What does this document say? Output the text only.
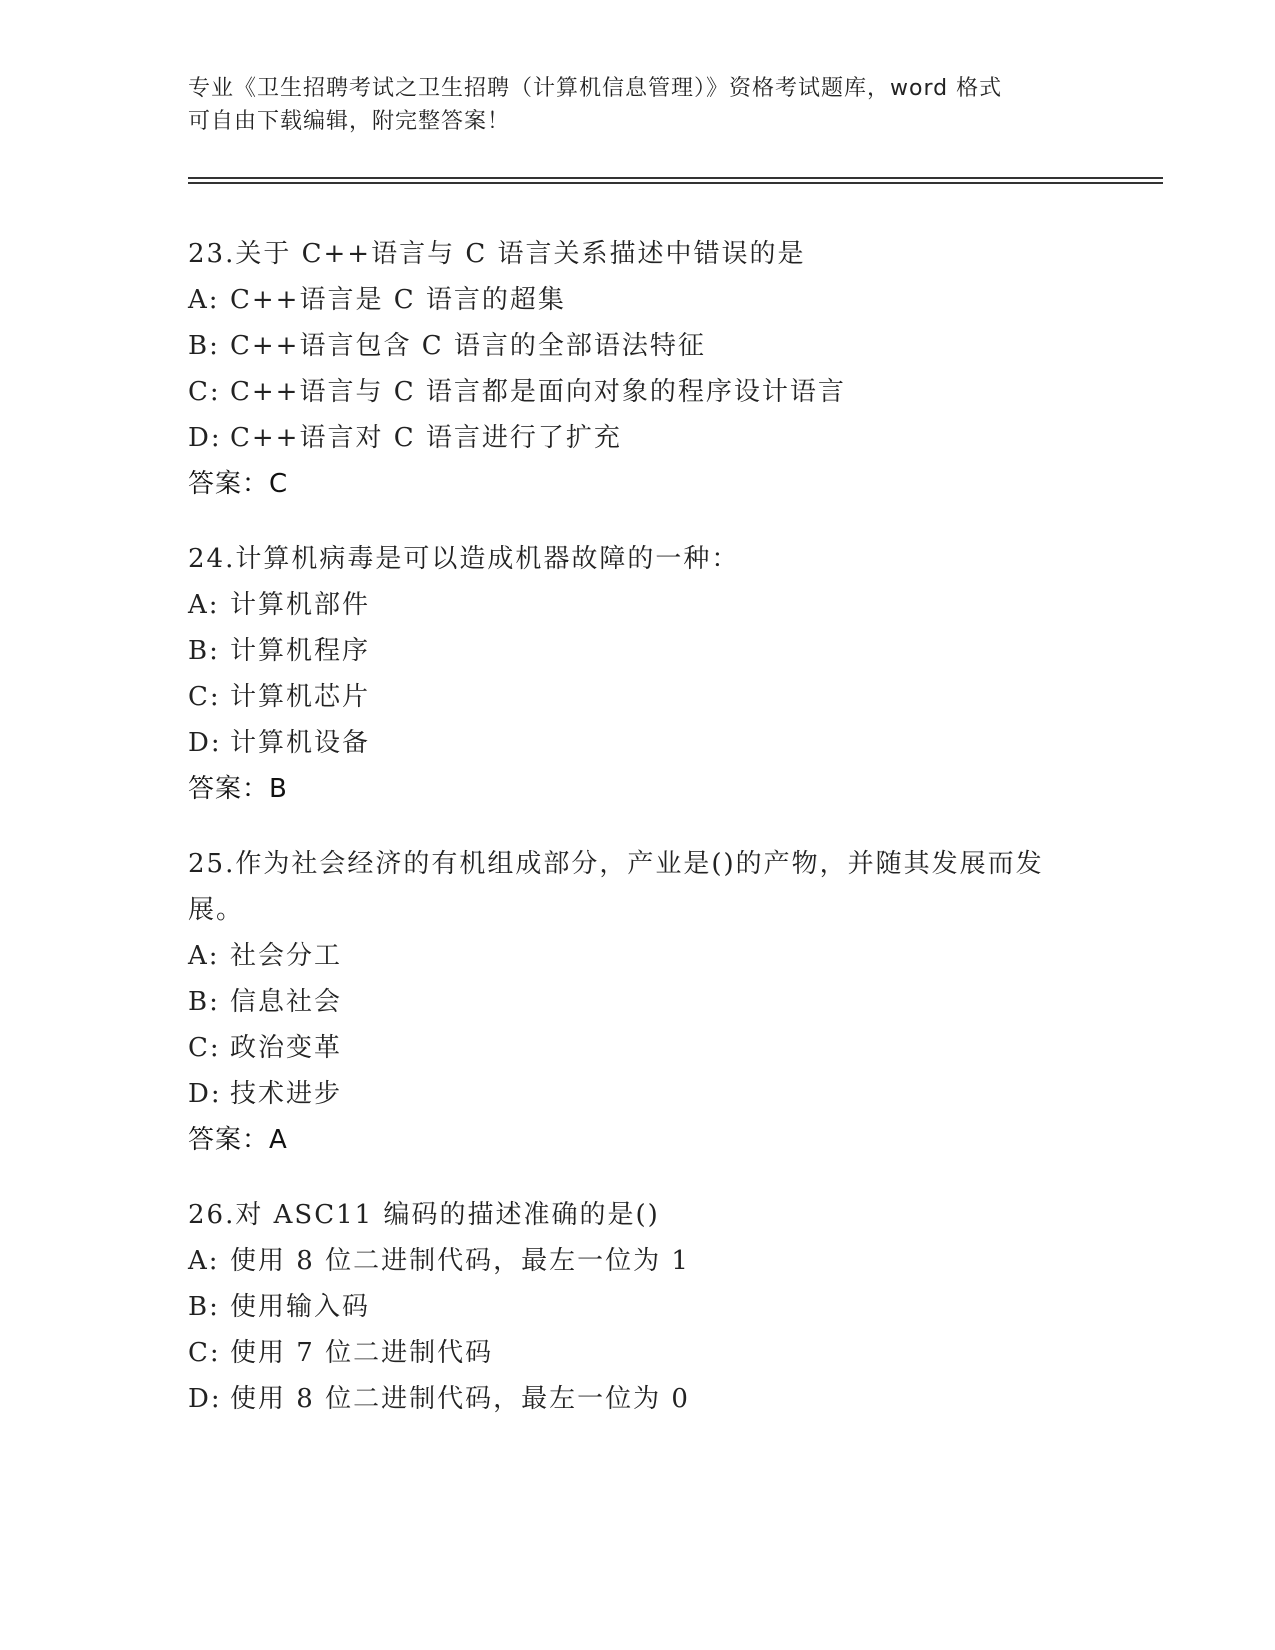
专业《卫生招聘考试之卫生招聘（计算机信息管理）》资格考试题库，word 格式
可自由下载编辑，附完整答案！
23.关于 C++语言与 C 语言关系描述中错误的是
A: C++语言是 C 语言的超集
B: C++语言包含 C 语言的全部语法特征
C: C++语言与 C 语言都是面向对象的程序设计语言
D: C++语言对 C 语言进行了扩充
答案：C
24.计算机病毒是可以造成机器故障的一种：
A: 计算机部件
B: 计算机程序
C: 计算机芯片
D: 计算机设备
答案：B
25.作为社会经济的有机组成部分，产业是()的产物，并随其发展而发
展。
A: 社会分工
B: 信息社会
C: 政治变革
D: 技术进步
答案：A
26.对 ASC11 编码的描述准确的是()
A: 使用 8 位二进制代码，最左一位为 1
B: 使用输入码
C: 使用 7 位二进制代码
D: 使用 8 位二进制代码，最左一位为 0
